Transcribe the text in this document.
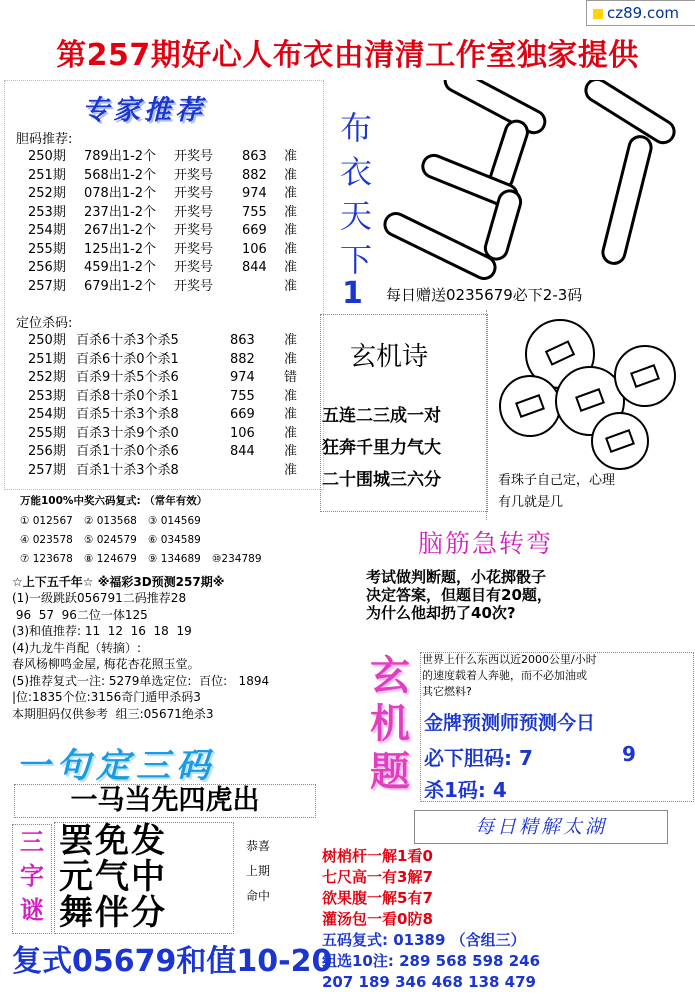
cz89.com
第257期好心人布衣由清清工作室独家提供
专家推荐
胆码推荐:
250期 789出1-2个 开奖号 863 准
251期 568出1-2个 开奖号 882 准
252期 078出1-2个 开奖号 974 准
253期 237出1-2个 开奖号 755 准
254期 267出1-2个 开奖号 669 准
255期 125出1-2个 开奖号 106 准
256期 459出1-2个 开奖号 844 准
257期 679出1-2个 开奖号	准
定位杀码:
250期 百杀6十杀3个杀5	863 准
251期 百杀6十杀0个杀1	882 准
252期 百杀9十杀5个杀6	974 错
253期 百杀8十杀0个杀1	755 准
254期 百杀5十杀3个杀8	669 准
255期 百杀3十杀9个杀0	106 准
256期 百杀1十杀0个杀6	844 准
257期 百杀1十杀3个杀8	准
万能100%中奖六码复式: （常年有效）
① 012567 ② 013568 ③ 014569
④ 023578 ⑤ 024579 ⑥ 034589
⑦ 123678 ⑧ 124679 ⑨ 134689 ⑩234789
☆上下五千年☆ ※福彩3D预测257期※
(1)一级跳跃056791二码推荐28
96  57  96二位一体125
(3)和值推荐: 11  12  16  18  19
(4)九龙牛肖配（转摘）:
春风杨柳鸣金屋, 梅花杏花照玉堂。
(5)推荐复式一注: 5279单选定位:  百位:   1894
|位:1835个位:3156奇门遁甲杀码3
本期胆码仅供参考  组三:05671绝杀3
一句定三码
一马当先四虎出
三
字
谜
罢免发
元气中
舞伴分
恭喜
上期
命中
复式05679和值10-20
布
衣
天
下
1 每日赠送0235679必下2-3码
玄机诗
五连二三成一对
狂奔千里力气大
二十围城三六分	看珠子自己定，心理
有几就是几
脑筋急转弯
考试做判断题，小花掷骰子
决定答案，但题目有20题，
为什么他却扔了40次?
玄
机
题
世界上什么东西以近2000公里/小时
的速度载着人奔驰，而不必加油或
其它燃料?
金牌预测师预测今日
必下胆码: 7	9
杀1码: 4
每日精解太湖
树梢杆一解1看0
七尺高一有3解7
欲果腹一解5有7
灌汤包一看0防8
五码复式: 01389 （含组三）
组选10注: 289 568 598 246
207 189 346 468 138 479
